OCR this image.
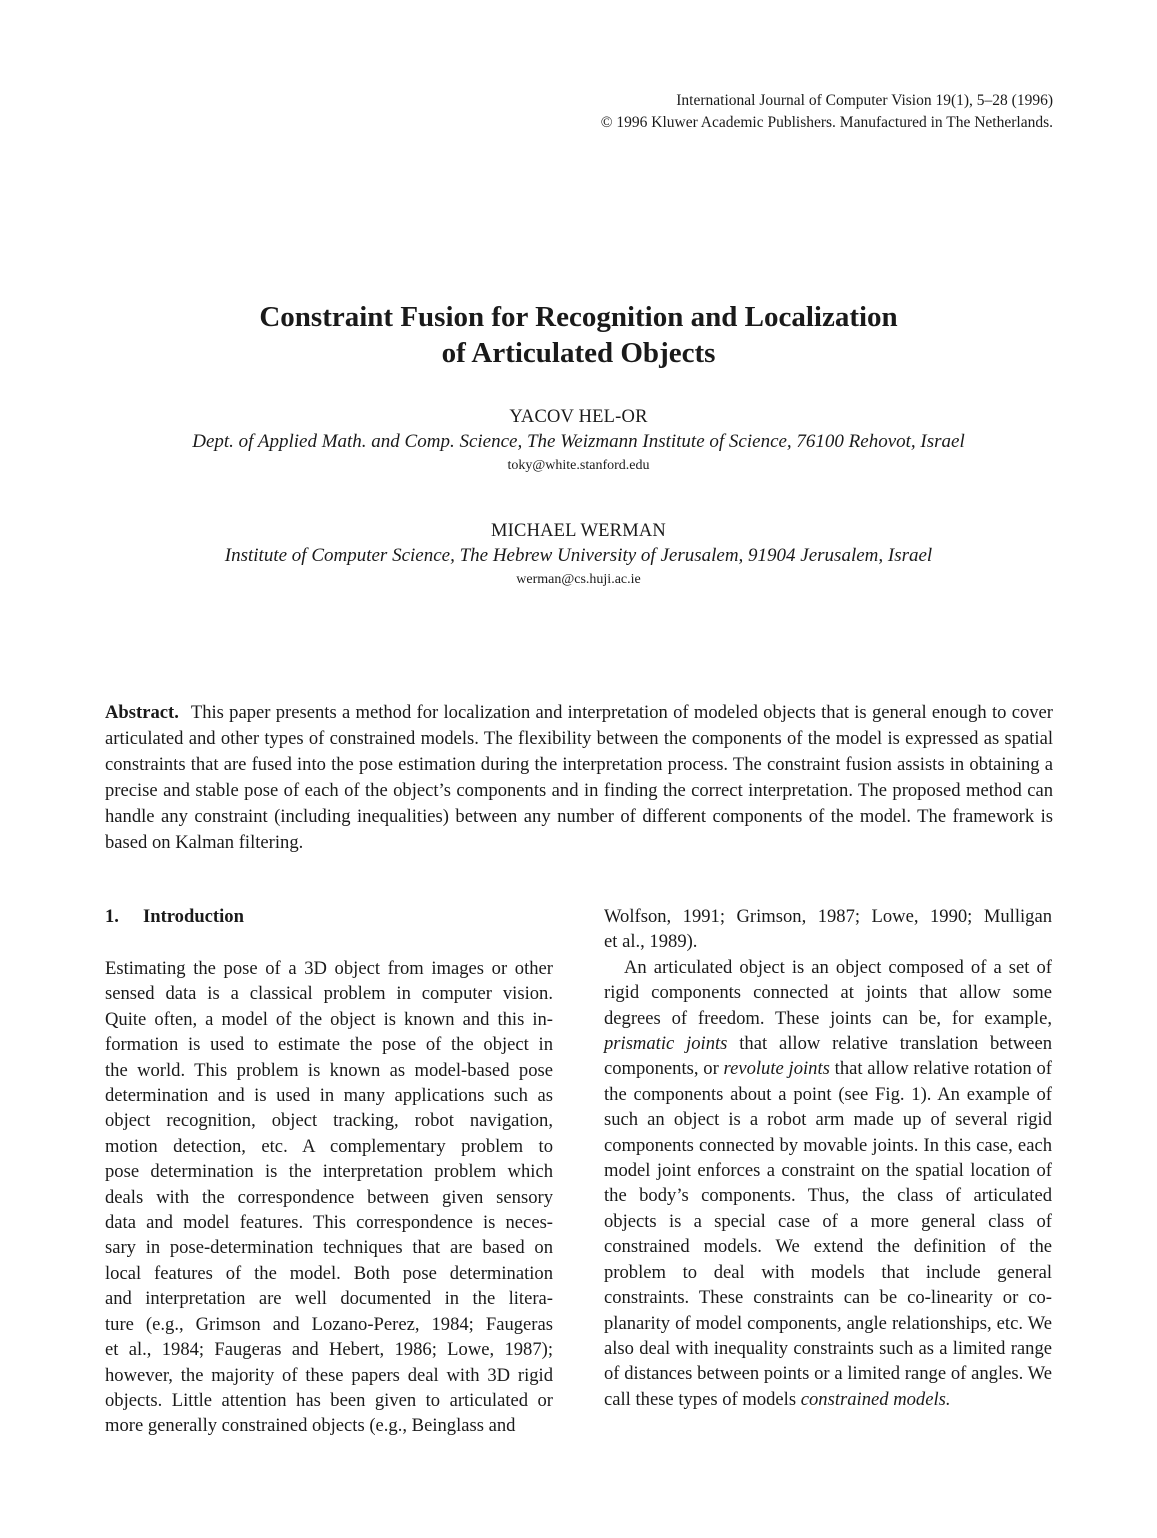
International Journal of Computer Vision 19(1), 5–28 (1996)
© 1996 Kluwer Academic Publishers. Manufactured in The Netherlands.
Constraint Fusion for Recognition and Localization
of Articulated Objects
YACOV HEL-OR
Dept. of Applied Math. and Comp. Science, The Weizmann Institute of Science, 76100 Rehovot, Israel
toky@white.stanford.edu
MICHAEL WERMAN
Institute of Computer Science, The Hebrew University of Jerusalem, 91904 Jerusalem, Israel
werman@cs.huji.ac.ie
Abstract. This paper presents a method for localization and interpretation of modeled objects that is general enough to cover articulated and other types of constrained models. The flexibility between the components of the model is expressed as spatial constraints that are fused into the pose estimation during the interpretation process. The constraint fusion assists in obtaining a precise and stable pose of each of the object’s components and in finding the correct interpretation. The proposed method can handle any constraint (including inequalities) between any number of different components of the model. The framework is based on Kalman filtering.
1. Introduction

Estimating the pose of a 3D object from images or other
sensed data is a classical problem in computer vision.
Quite often, a model of the object is known and this in-
formation is used to estimate the pose of the object in
the world. This problem is known as model-based pose
determination and is used in many applications such as
object recognition, object tracking, robot navigation,
motion detection, etc. A complementary problem to
pose determination is the interpretation problem which
deals with the correspondence between given sensory
data and model features. This correspondence is neces-
sary in pose-determination techniques that are based on
local features of the model. Both pose determination
and interpretation are well documented in the litera-
ture (e.g., Grimson and Lozano-Perez, 1984; Faugeras
et al., 1984; Faugeras and Hebert, 1986; Lowe, 1987);
however, the majority of these papers deal with 3D rigid
objects. Little attention has been given to articulated or
more generally constrained objects (e.g., Beinglass and

Wolfson, 1991; Grimson, 1987; Lowe, 1990; Mulligan
et al., 1989).

An articulated object is an object composed of a set of rigid components connected at joints that allow some degrees of freedom. These joints can be, for example, prismatic joints that allow relative translation between components, or revolute joints that allow relative rotation of the components about a point (see Fig. 1). An example of such an object is a robot arm made up of several rigid components connected by movable joints. In this case, each model joint enforces a constraint on the spatial location of the body’s components. Thus, the class of articulated objects is a special case of a more general class of constrained models. We extend the definition of the problem to deal with models that include general constraints. These constraints can be co-linearity or co-planarity of model components, angle relationships, etc. We also deal with inequality constraints such as a limited range of distances between points or a limited range of angles. We call these types of models constrained models.
